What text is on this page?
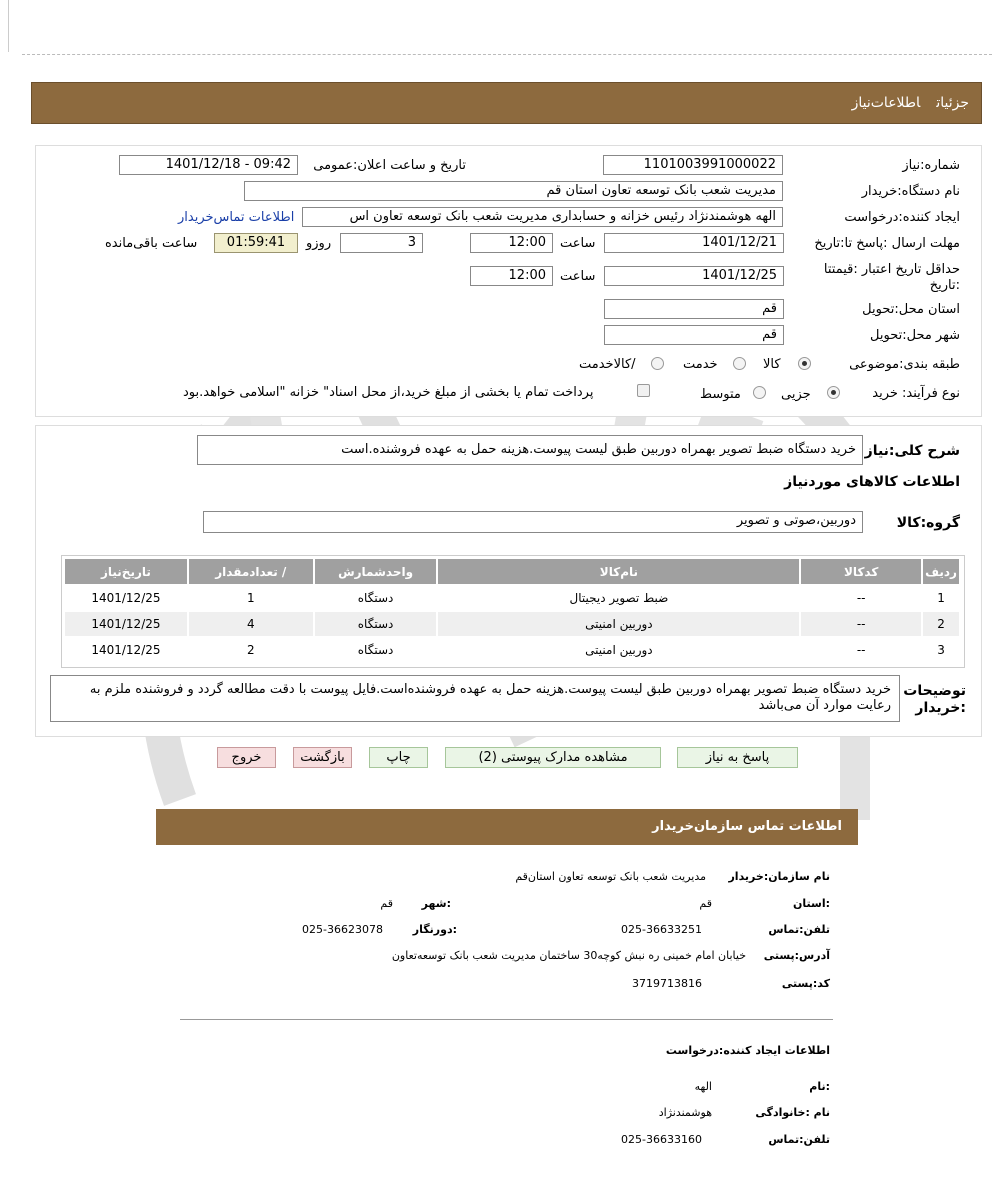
جزئیاتاطلاعات‌نیاز
شماره:نیاز
1101003991000022
تاریخ و ساعت اعلان:عمومی
1401/12/18 - 09:42
نام دستگاه:خریدار
مدیریت شعب بانک توسعه تعاون استان قم
ایجاد کننده:درخواست
الهه هوشمندنژاد رئیس خزانه و حسابداری مدیریت شعب بانک توسعه تعاون اس
اطلاعات تماس‌خریدار
مهلت ارسال :پاسخ تا:تاریخ
1401/12/21
ساعت
12:00
3
روزو
01:59:41
ساعت باقی‌مانده
حداقل تاریخ اعتبار :قیمتتا
:تاریخ
1401/12/25
ساعت
12:00
استان محل:تحویل
قم
شهر محل:تحویل
قم
طبقه بندی:موضوعی
کالا
خدمت
/کالاخدمت
نوع فرآیند: خرید
جزیی
متوسط
پرداخت تمام یا بخشی از مبلغ خرید،از محل اسناد" خزانه "اسلامی خواهد.بود
شرح کلی:نیاز
خرید دستگاه ضبط تصویر بهمراه دوربین طبق لیست پیوست.هزینه حمل به عهده فروشنده.است
اطلاعات کالاهای موردنیاز
گروه:کالا
دوربین،صوتی و تصویر
ردیف	کدکالا	نام‌کالا	واحدشمارش	/ تعدادمقدار	تاریخ‌نیاز
1	--	ضبط تصویر دیجیتال	دستگاه	1	1401/12/25
2	--	دوربین امنیتی	دستگاه	4	1401/12/25
3	--	دوربین امنیتی	دستگاه	2	1401/12/25
توضیحات
:خریدار
خرید دستگاه ضبط تصویر بهمراه دوربین طبق لیست پیوست.هزینه حمل به عهده فروشنده‌است.فایل پیوست با دقت مطالعه گردد و فروشنده ملزم به رعایت موارد آن می‌باشد
پاسخ به نیاز
مشاهده مدارک پیوستی (2)
چاپ
بازگشت
خروج
اطلاعات تماس سازمان‌خریدار
نام سازمان:خریدار
مدیریت شعب بانک توسعه تعاون استان‌قم
:استان
قم
:شهر
قم
تلفن:تماس
025-36633251
:دورنگار
025-36623078
آدرس:پستی
خیابان امام خمینی ره نبش کوچه30 ساختمان مدیریت شعب بانک توسعه‌تعاون
کد:پستی
3719713816
اطلاعات ایجاد کننده:درخواست
:نام
الهه
نام :خانوادگی
هوشمندنژاد
تلفن:تماس
025-36633160
